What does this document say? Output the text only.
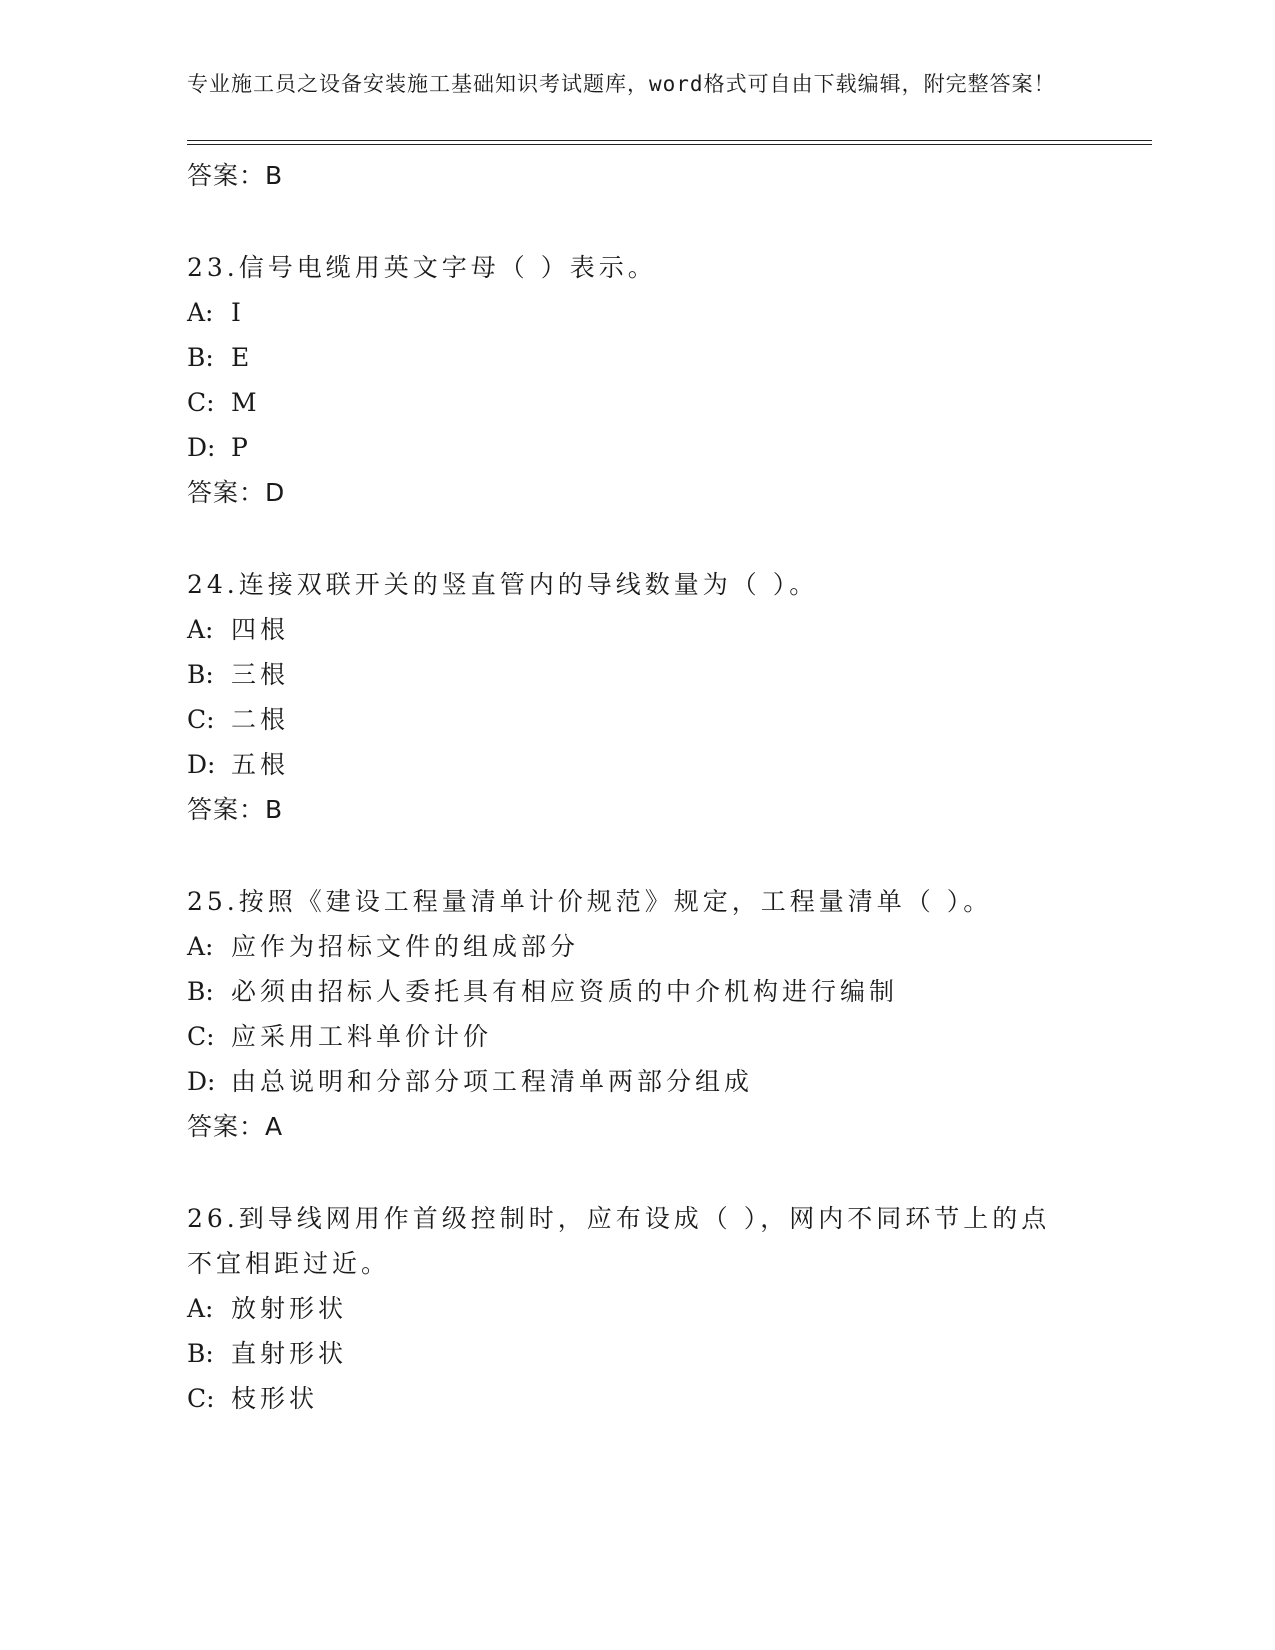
专业施工员之设备安装施工基础知识考试题库，word格式可自由下载编辑，附完整答案！

答案：B

23.信号电缆用英文字母（ ）表示。

A: I
B: E
C: M
D: P
答案：D

24.连接双联开关的竖直管内的导线数量为（ ）。

A: 四根
B: 三根
C: 二根
D: 五根
答案：B

25.按照《建设工程量清单计价规范》规定，工程量清单（ ）。

A: 应作为招标文件的组成部分
B: 必须由招标人委托具有相应资质的中介机构进行编制
C: 应采用工料单价计价
D: 由总说明和分部分项工程清单两部分组成
答案：A

26.到导线网用作首级控制时，应布设成（ ），网内不同环节上的点不宜相距过近。

A: 放射形状
B: 直射形状
C: 枝形状
